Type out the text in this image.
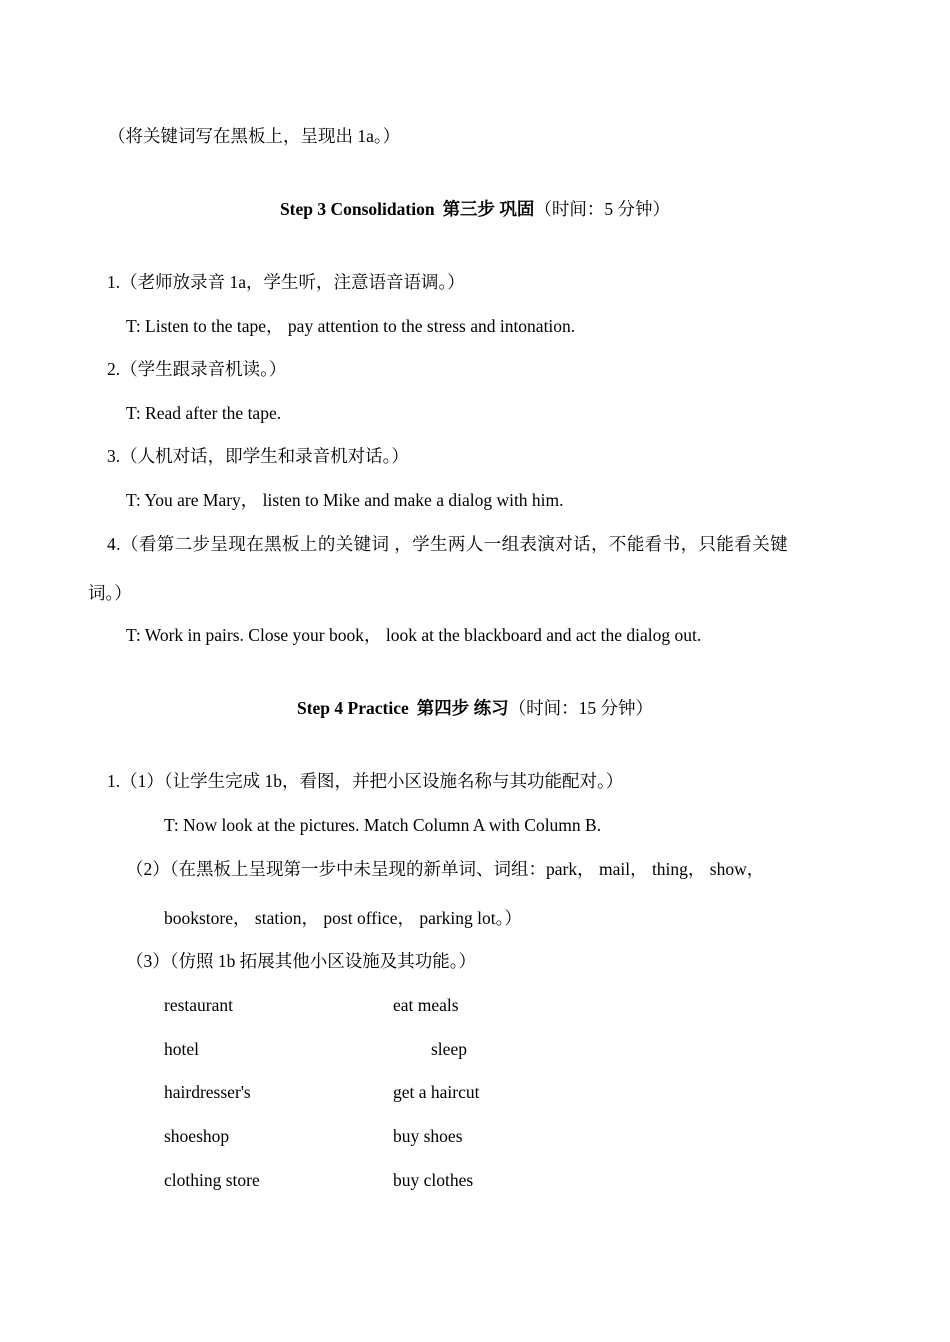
（将关键词写在黑板上，呈现出 1a。）
Step 3 Consolidation 第三步 巩固（时间：5 分钟）
1.（老师放录音 1a，学生听，注意语音语调。）
T: Listen to the tape， pay attention to the stress and intonation.
2.（学生跟录音机读。）
T: Read after the tape.
3.（人机对话，即学生和录音机对话。）
T: You are Mary， listen to Mike and make a dialog with him.
4.（看第二步呈现在黑板上的关键词 ，学生两人一组表演对话，不能看书，只能看关键
词。）
T: Work in pairs. Close your book， look at the blackboard and act the dialog out.
Step 4 Practice 第四步 练习（时间：15 分钟）
1.（1）（让学生完成 1b，看图，并把小区设施名称与其功能配对。）
T: Now look at the pictures. Match Column A with Column B.
（2）（在黑板上呈现第一步中未呈现的新单词、词组：park， mail， thing， show，
bookstore， station， post office， parking lot。）
（3）（仿照 1b 拓展其他小区设施及其功能。）
restaurant	eat meals
hotel	sleep
hairdresser's	get a haircut
shoeshop	buy shoes
clothing store	buy clothes
